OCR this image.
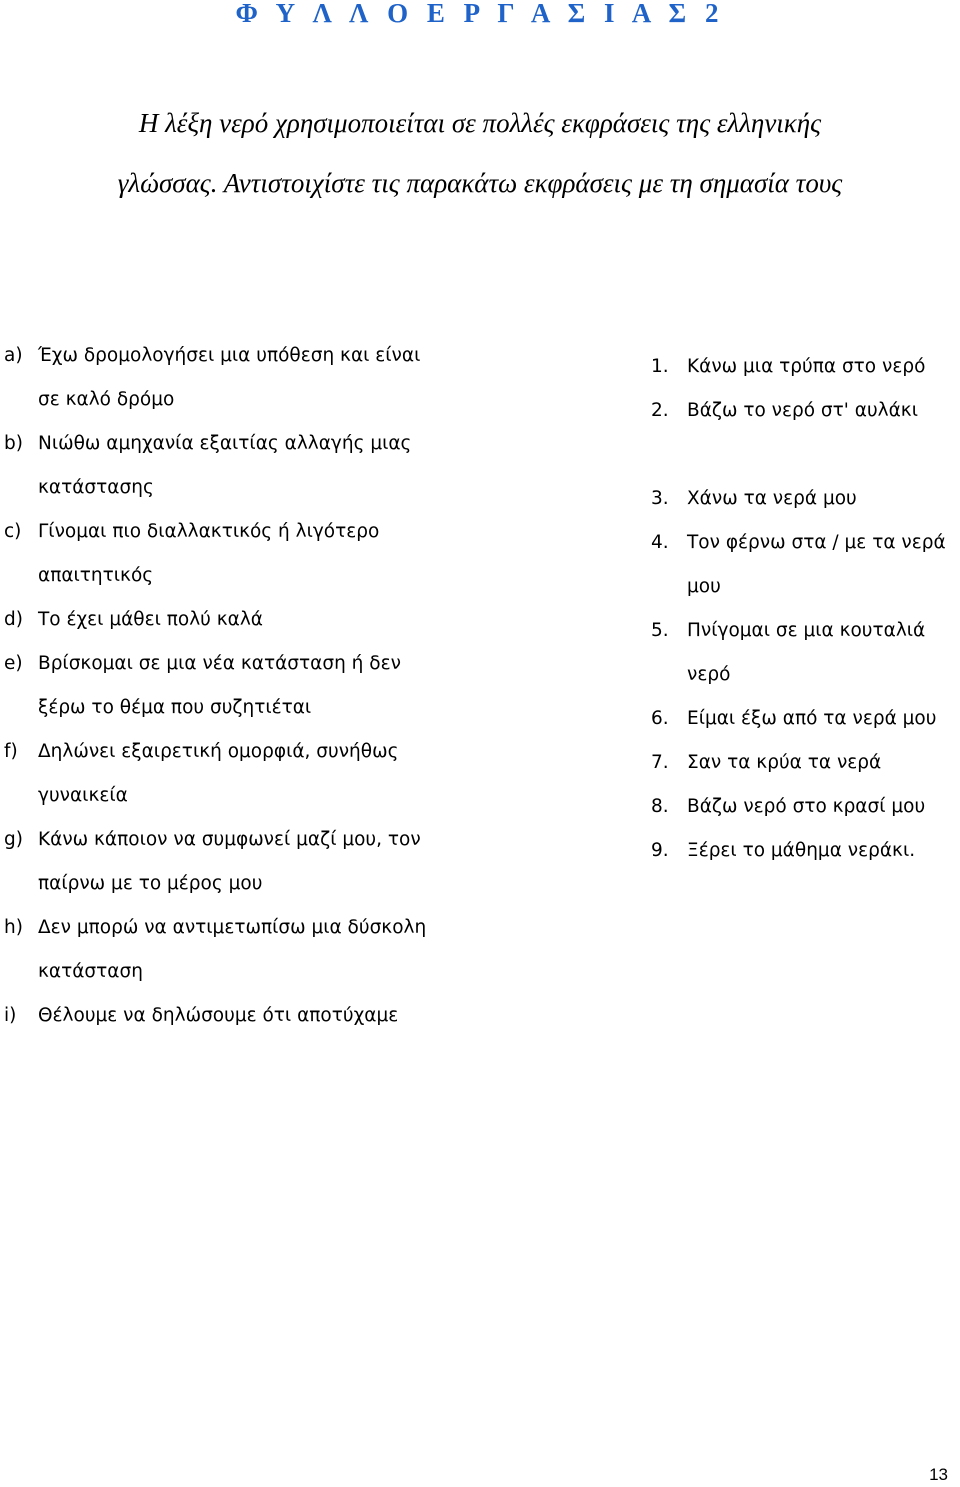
Φ Υ Λ Λ Ο Ε Ρ Γ Α Σ Ι Α Σ 2
Η λέξη νερό χρησιμοποιείται σε πολλές εκφράσεις της ελληνικής
γλώσσας. Αντιστοιχίστε τις παρακάτω εκφράσεις με τη σημασία τους
a) Έχω δρομολογήσει μια υπόθεση και είναι
σε καλό δρόμο
b) Νιώθω αμηχανία εξαιτίας αλλαγής μιας
κατάστασης
c) Γίνομαι πιο διαλλακτικός ή λιγότερο
απαιτητικός
d) Το έχει μάθει πολύ καλά
e) Βρίσκομαι σε μια νέα κατάσταση ή δεν
ξέρω το θέμα που συζητιέται
f) Δηλώνει εξαιρετική ομορφιά, συνήθως
γυναικεία
g) Κάνω κάποιον να συμφωνεί μαζί μου, τον
παίρνω με το μέρος μου
h) Δεν μπορώ να αντιμετωπίσω μια δύσκολη
κατάσταση
i) Θέλουμε να δηλώσουμε ότι αποτύχαμε
1. Κάνω μια τρύπα στο νερό
2. Βάζω το νερό στ' αυλάκι
3. Χάνω τα νερά μου
4. Τον φέρνω στα / με τα νερά
μου
5. Πνίγομαι σε μια κουταλιά
νερό
6. Είμαι έξω από τα νερά μου
7. Σαν τα κρύα τα νερά
8. Βάζω νερό στο κρασί μου
9. Ξέρει το μάθημα νεράκι.
13
